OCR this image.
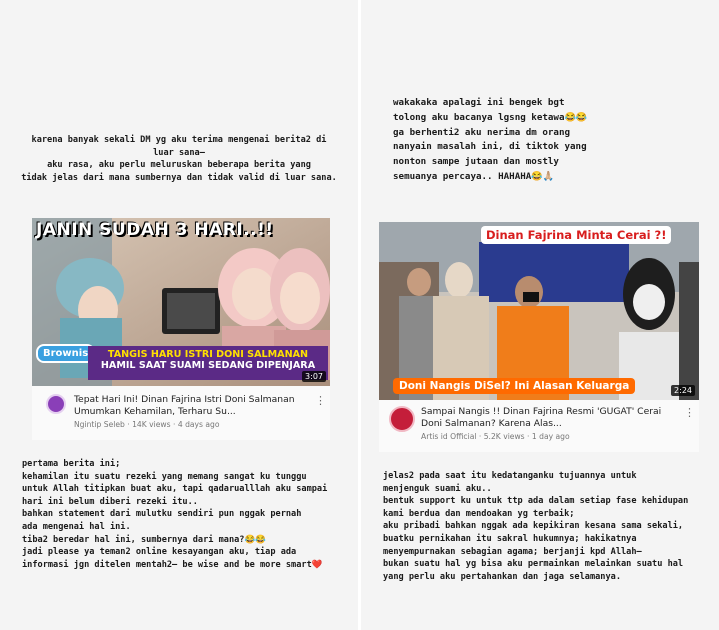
karena banyak sekali DM yg aku terima mengenai berita2 di
luar sana–
aku rasa, aku perlu meluruskan beberapa berita yang
tidak jelas dari mana sumbernya dan tidak valid di luar sana.
JANIN SUDAH 3 HARI..!!
Brownis	TANGIS HARU ISTRI DONI SALMANAN
HAMIL SAAT SUAMI SEDANG DIPENJARA
3:07
Tepat Hari Ini! Dinan Fajrina Istri Doni Salmanan Umumkan Kehamilan, Terharu Su...
Ngintip Seleb · 14K views · 4 days ago
⋮
pertama berita ini;
kehamilan itu suatu rezeki yang memang sangat ku tunggu
untuk Allah titipkan buat aku, tapi qadarualllah aku sampai
hari ini belum diberi rezeki itu..
bahkan statement dari mulutku sendiri pun nggak pernah
ada mengenai hal ini.
tiba2 beredar hal ini, sumbernya dari mana?😂😂
jadi please ya teman2 online kesayangan aku, tiap ada
informasi jgn ditelen mentah2– be wise and be more smart❤️
wakakaka apalagi ini bengek bgt
tolong aku bacanya lgsng ketawa😂😂
ga berhenti2 aku nerima dm orang
nanyain masalah ini, di tiktok yang
nonton sampe jutaan dan mostly
semuanya percaya.. HAHAHA😂🙏🏼
Dinan Fajrina Minta Cerai ?!
Doni Nangis DiSel? Ini Alasan Keluarga	2:24
Sampai Nangis !! Dinan Fajrina Resmi 'GUGAT' Cerai Doni Salmanan? Karena Alas...
Artis id Official · 5.2K views · 1 day ago
⋮
jelas2 pada saat itu kedatanganku tujuannya untuk
menjenguk suami aku..
bentuk support ku untuk ttp ada dalam setiap fase kehidupan
kami berdua dan mendoakan yg terbaik;
aku pribadi bahkan nggak ada kepikiran kesana sama sekali,
buatku pernikahan itu sakral hukumnya; hakikatnya
menyempurnakan sebagian agama; berjanji kpd Allah–
bukan suatu hal yg bisa aku permainkan melainkan suatu hal
yang perlu aku pertahankan dan jaga selamanya.
